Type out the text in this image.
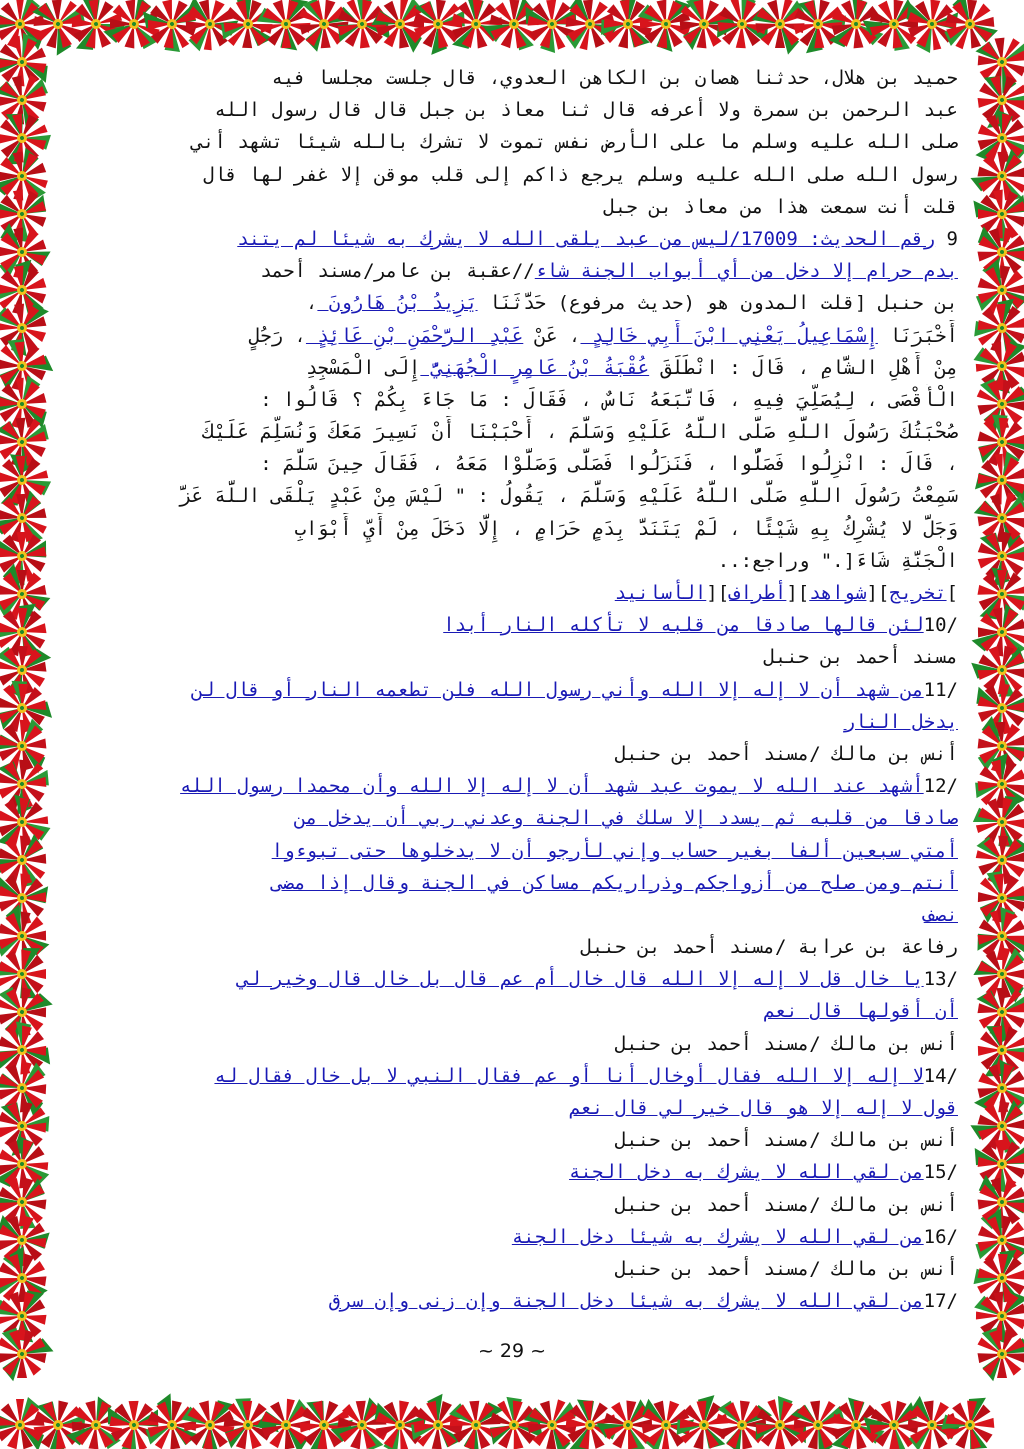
حميد بن هلال، حدثنا هصان بن الكاهن العدوي، قال جلست مجلسا فيه
عبد الرحمن بن سمرة ولا أعرفه قال ثنا معاذ بن جبل قال قال رسول الله
صلى الله عليه وسلم ما على الأرض نفس تموت لا تشرك بالله شيئا تشهد أني
رسول الله صلى الله عليه وسلم يرجع ذاكم إلى قلب موقن إلا غفر لها قال
قلت أنت سمعت هذا من معاذ بن جبل
9 رقم الحديث: 17009/ليس من عبد يلقى الله لا يشرك به شيئا لم يتند
بدم حرام إلا دخل من أي أبواب الجنة شاء//عقبة بن عامر/مسند أحمد
بن حنبل [قلت المدون هو (حديث مرفوع) حَدَّثَنَا يَزِيدُ بْنُ هَارُونَ ،
أَخْبَرَنَا إِسْمَاعِيلُ يَعْنِي ابْنَ أَبِي خَالِدٍ ، عَنْ عَبْدِ الرَّحْمَنِ بْنِ عَائِذٍ ، رَجُلٍ
مِنْ أَهْلِ الشَّامِ ، قَالَ : انْطَلَقَ عُقْبَةُ بْنُ عَامِرٍ الْجُهَنِيُّ إِلَى الْمَسْجِدِ
الْأَقْصَى ، لِيُصَلِّيَ فِيهِ ، فَاتَّبَعَهُ نَاسٌ ، فَقَالَ : مَا جَاءَ بِكُمْ ؟ قَالُوا :
صُحْبَتُكَ رَسُولَ اللَّهِ صَلَّى اللَّهُ عَلَيْهِ وَسَلَّمَ ، أَحْبَبْنَا أَنْ نَسِيرَ مَعَكَ وَنُسَلِّمَ عَلَيْكَ
، قَالَ : انْزِلُوا فَصَلُّوا ، فَنَزَلُوا فَصَلَّى وَصَلَّوْا مَعَهُ ، فَقَالَ حِينَ سَلَّمَ :
سَمِعْتُ رَسُولَ اللَّهِ صَلَّى اللَّهُ عَلَيْهِ وَسَلَّمَ ، يَقُولُ : " لَيْسَ مِنْ عَبْدٍ يَلْقَى اللَّهَ عَزَّ
وَجَلَّ لا يُشْرِكُ بِهِ شَيْئًا ، لَمْ يَتَنَدَّ بِدَمٍ حَرَامٍ ، إِلَّا دَخَلَ مِنْ أَيِّ أَبْوَابِ
الْجَنَّةِ شَاءَ[." وراجع:..
]تخريج][شواهد][أطراف][الأسانيد
/10لئن قالها صادقا من قلبه لا تأكله النار أبدا
مسند أحمد بن حنبل
/11من شهد أن لا إله إلا الله وأني رسول الله فلن تطعمه النار أو قال لن
يدخل النار
أنس بن مالك /مسند أحمد بن حنبل
/12أشهد عند الله لا يموت عبد شهد أن لا إله إلا الله وأن محمدا رسول الله
صادقا من قلبه ثم يسدد إلا سلك في الجنة وعدني ربي أن يدخل من
أمتي سبعين ألفا بغير حساب وإني لأرجو أن لا يدخلوها حتى تبوءوا
أنتم ومن صلح من أزواجكم وذراريكم مساكن في الجنة وقال إذا مضى
نصف
رفاعة بن عرابة /مسند أحمد بن حنبل
/13يا خال قل لا إله إلا الله قال خال أم عم قال بل خال قال وخير لي
أن أقولها قال نعم
أنس بن مالك /مسند أحمد بن حنبل
/14لا إله إلا الله فقال أوخال أنا أو عم فقال النبي لا بل خال فقال له
قول لا إله إلا هو قال خير لي قال نعم
أنس بن مالك /مسند أحمد بن حنبل
/15من لقي الله لا يشرك به دخل الجنة
أنس بن مالك /مسند أحمد بن حنبل
/16من لقي الله لا يشرك به شيئا دخل الجنة
أنس بن مالك /مسند أحمد بن حنبل
/17من لقي الله لا يشرك به شيئا دخل الجنة وإن زنى وإن سرق
~ 29 ~
